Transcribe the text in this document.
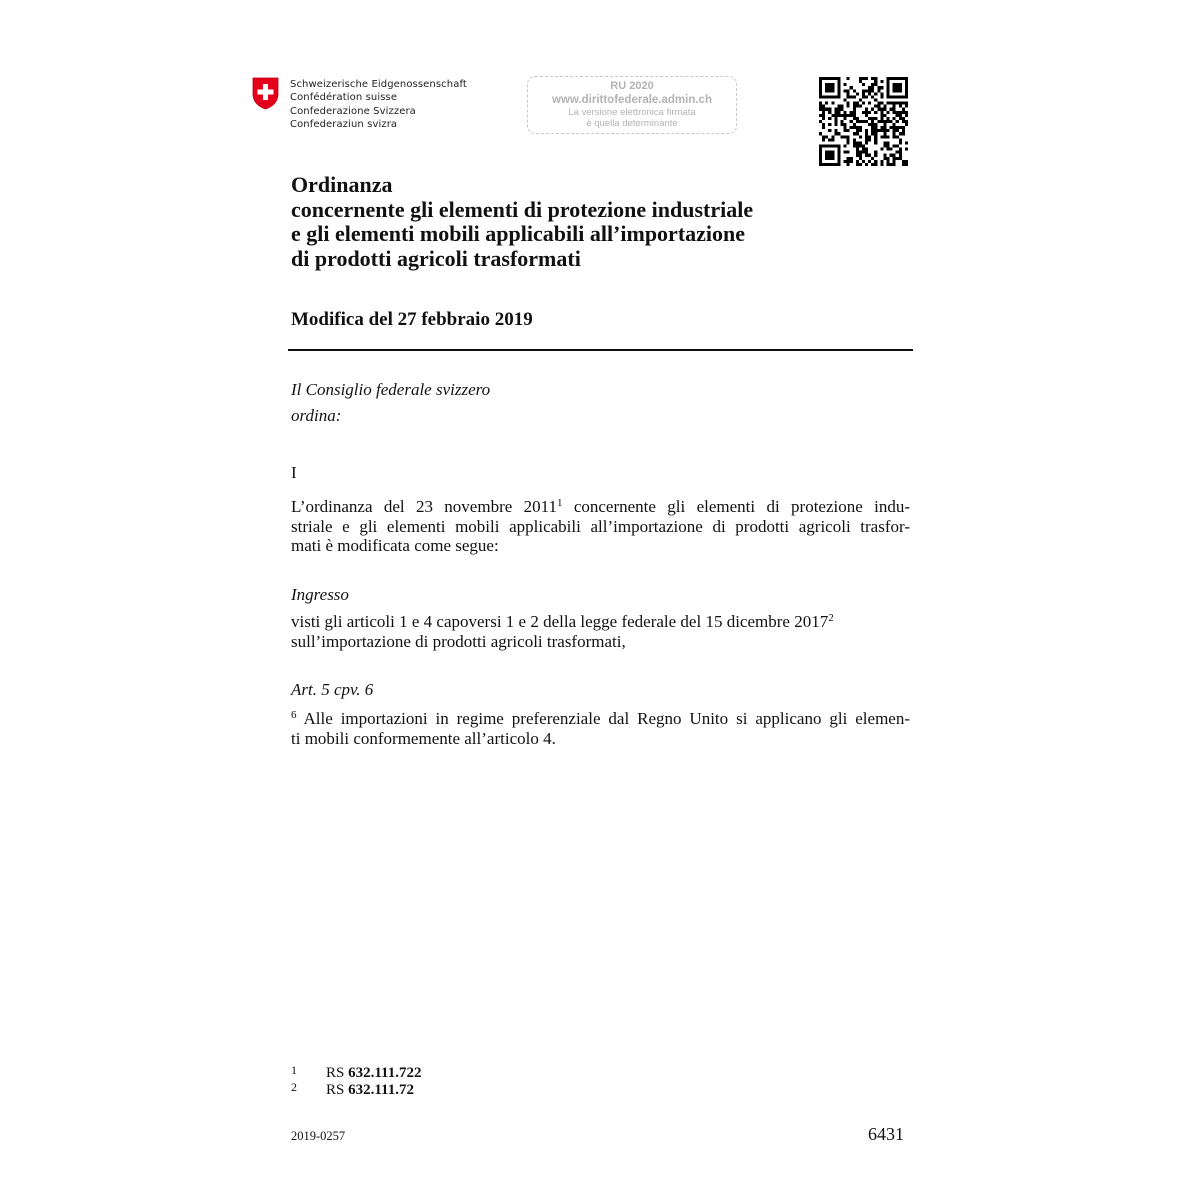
Schweizerische Eidgenossenschaft
Confédération suisse
Confederazione Svizzera
Confederaziun svizra
RU 2020
www.dirittofederale.admin.ch
La versione elettronica firmata
è quella determinante
Ordinanza
concernente gli elementi di protezione industriale
e gli elementi mobili applicabili all’importazione
di prodotti agricoli trasformati
Modifica del 27 febbraio 2019
Il Consiglio federale svizzero
ordina:
I
L’ordinanza del 23 novembre 2011$^1$ concernente gli elementi di protezione indu-
striale e gli elementi mobili applicabili all’importazione di prodotti agricoli trasfor-
mati è modificata come segue:
Ingresso
visti gli articoli 1 e 4 capoversi 1 e 2 della legge federale del 15 dicembre 2017$^2$
sull’importazione di prodotti agricoli trasformati,
Art. 5 cpv. 6
$^6$ Alle importazioni in regime preferenziale dal Regno Unito si applicano gli elemen-
ti mobili conformemente all’articolo 4.
1 RS 632.111.722
2 RS 632.111.72
2019-0257	6431
